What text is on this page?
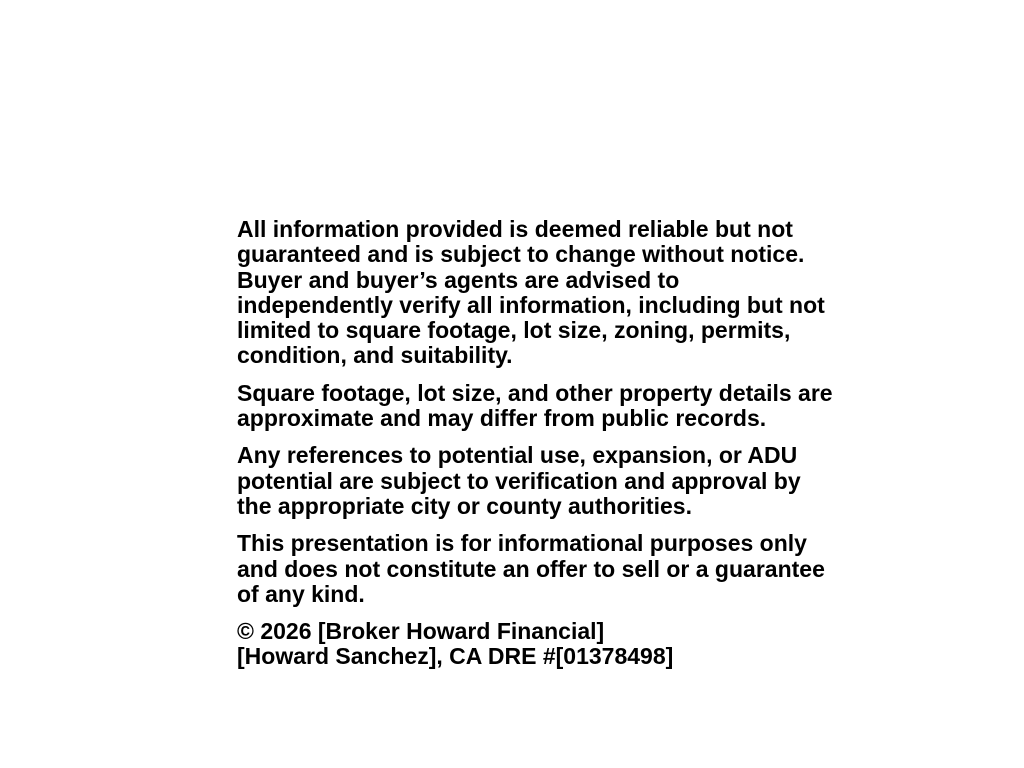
All information provided is deemed reliable but not
guaranteed and is subject to change without notice.
Buyer and buyer’s agents are advised to
independently verify all information, including but not
limited to square footage, lot size, zoning, permits,
condition, and suitability.
Square footage, lot size, and other property details are
approximate and may differ from public records.
Any references to potential use, expansion, or ADU
potential are subject to verification and approval by
the appropriate city or county authorities.
This presentation is for informational purposes only
and does not constitute an offer to sell or a guarantee
of any kind.
© 2026 [Broker Howard Financial]
[Howard Sanchez], CA DRE #[01378498]
